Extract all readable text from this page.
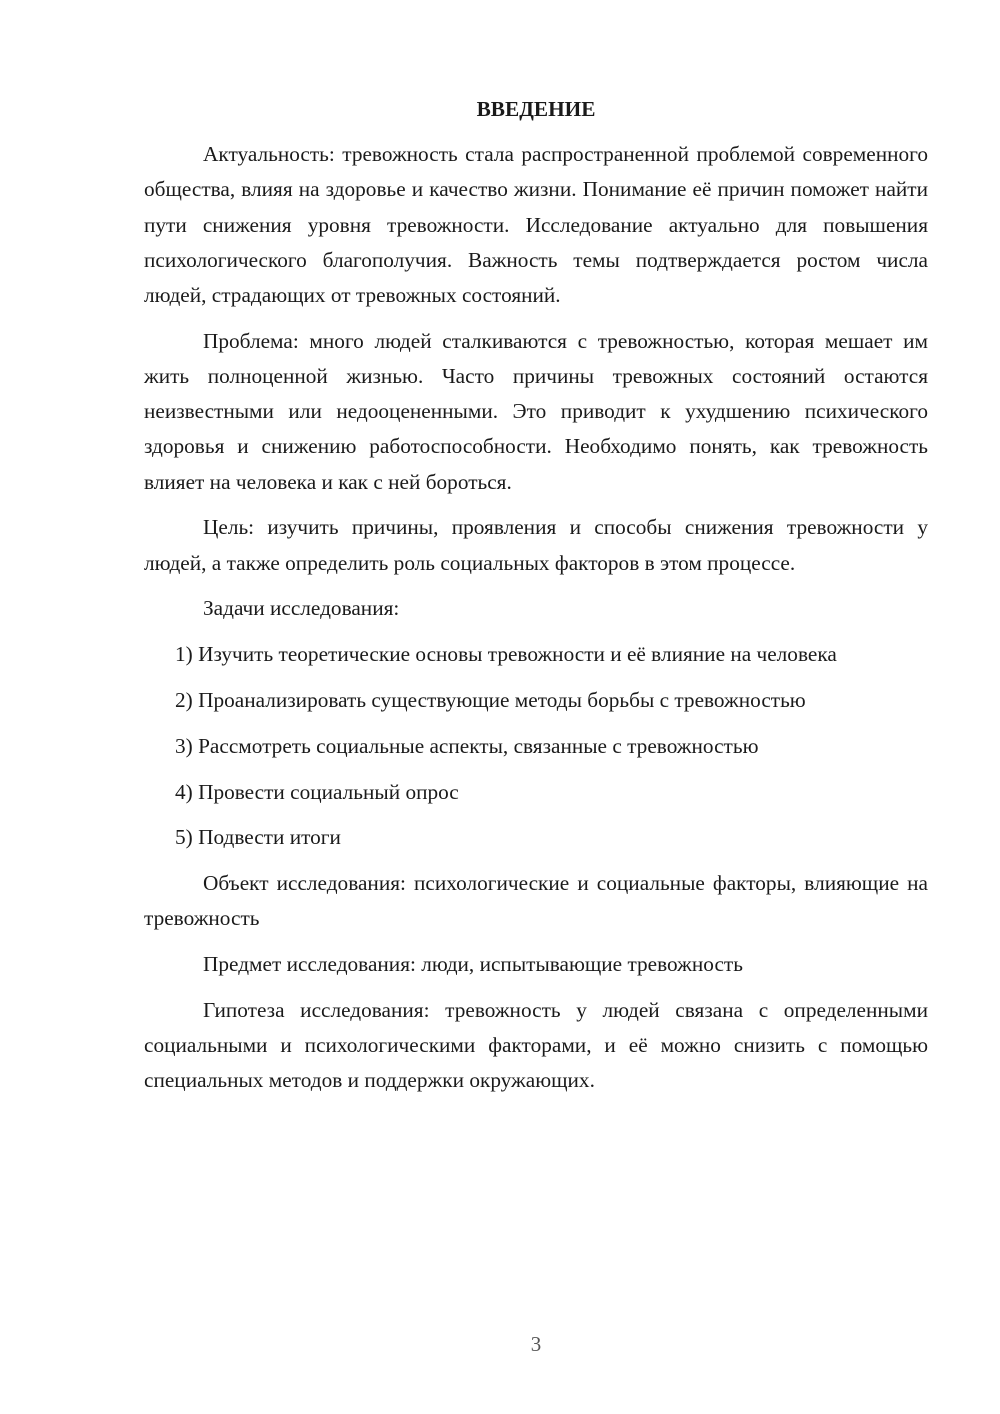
ВВЕДЕНИЕ

Актуальность: тревожность стала распространенной проблемой современного общества, влияя на здоровье и качество жизни. Понимание её причин поможет найти пути снижения уровня тревожности. Исследование актуально для повышения психологического благополучия. Важность темы подтверждается ростом числа людей, страдающих от тревожных состояний.

Проблема: много людей сталкиваются с тревожностью, которая мешает им жить полноценной жизнью. Часто причины тревожных состояний остаются неизвестными или недооцененными. Это приводит к ухудшению психического здоровья и снижению работоспособности. Необходимо понять, как тревожность влияет на человека и как с ней бороться.

Цель: изучить причины, проявления и способы снижения тревожности у людей, а также определить роль социальных факторов в этом процессе.

Задачи исследования:

1) Изучить теоретические основы тревожности и её влияние на человека

2) Проанализировать существующие методы борьбы с тревожностью

3) Рассмотреть социальные аспекты, связанные с тревожностью

4) Провести социальный опрос

5) Подвести итоги

Объект исследования: психологические и социальные факторы, влияющие на тревожность

Предмет исследования: люди, испытывающие тревожность

Гипотеза исследования: тревожность у людей связана с определенными социальными и психологическими факторами, и её можно снизить с помощью специальных методов и поддержки окружающих.

3
